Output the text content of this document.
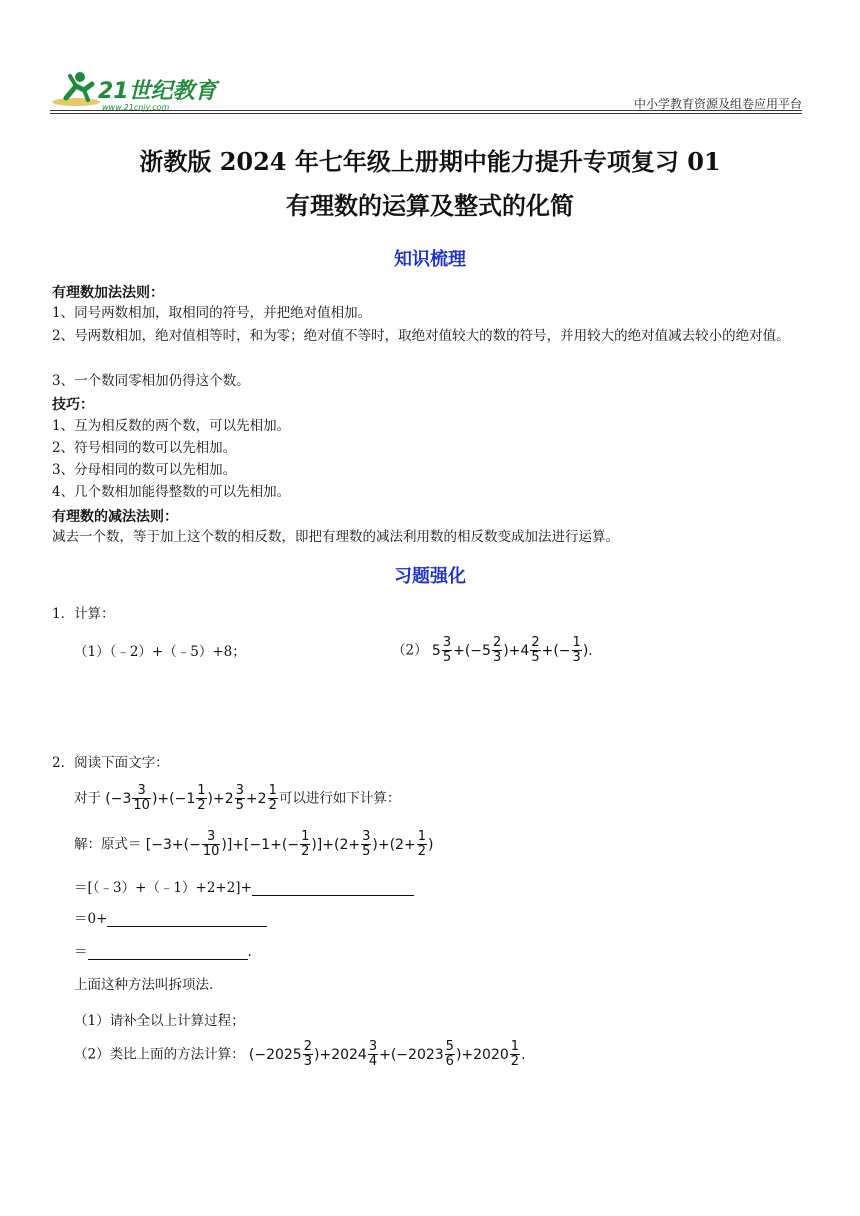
21世纪教育
www.21cnjy.com	中小学教育资源及组卷应用平台
浙教版 2024 年七年级上册期中能力提升专项复习 01
有理数的运算及整式的化简
知识梳理
有理数加法法则：
1、同号两数相加，取相同的符号，并把绝对值相加。
2、号两数相加，绝对值相等时，和为零；绝对值不等时，取绝对值较大的数的符号，并用较大的绝对值减去较小的绝对值。
3、一个数同零相加仍得这个数。
技巧：
1、互为相反数的两个数，可以先相加。
2、符号相同的数可以先相加。
3、分母相同的数可以先相加。
4、几个数相加能得整数的可以先相加。
有理数的减法法则：
减去一个数，等于加上这个数的相反数，即把有理数的减法利用数的相反数变成加法进行运算。
习题强化
1．计算：
（1）（﹣2）+（﹣5）+8；	（2） $5 \frac{3}{5} +(-5 \frac{2}{3} )+4 \frac{2}{5}$ +(− $\frac{1}{3}$ ).
2．阅读下面文字：
对于 $(-3 \frac{3}{10} )+(-1 \frac{1}{2} )+2 \frac{3}{5} +2 \frac{1}{2}$ 可以进行如下计算：
解：原式＝ $[-3+(- \frac{3}{10} )]+[-1+(- \frac{1}{2} )]+(2+ \frac{3}{5} )+(2+ \frac{1}{2}$ )
＝[（﹣3）+（﹣1）+2+2]+
＝0+
＝	.
上面这种方法叫拆项法．
（1）请补全以上计算过程；
（2）类比上面的方法计算： $(-2025 \frac{2}{3} )+2024 \frac{3}{4} +(-2023 \frac{5}{6} )+2020 \frac{1}{2}$ .
